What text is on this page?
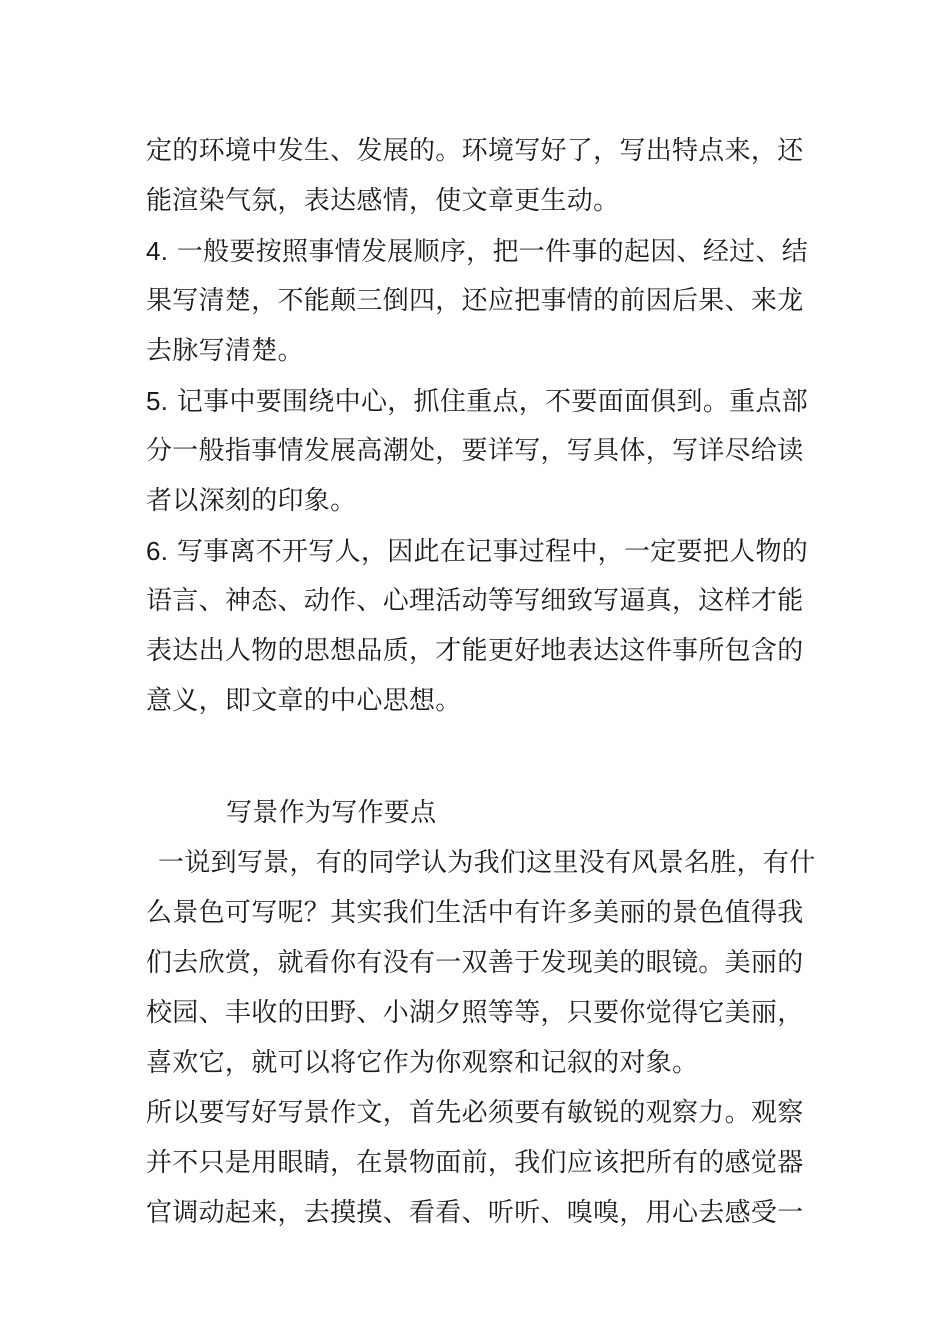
定的环境中发生、发展的。环境写好了，写出特点来，还
能渲染气氛，表达感情，使文章更生动。
4. 一般要按照事情发展顺序，把一件事的起因、经过、结
果写清楚，不能颠三倒四，还应把事情的前因后果、来龙
去脉写清楚。
5. 记事中要围绕中心，抓住重点，不要面面俱到。重点部
分一般指事情发展高潮处，要详写，写具体，写详尽给读
者以深刻的印象。
6. 写事离不开写人，因此在记事过程中，一定要把人物的
语言、神态、动作、心理活动等写细致写逼真，这样才能
表达出人物的思想品质，才能更好地表达这件事所包含的
意义，即文章的中心思想。
写景作为写作要点
一说到写景，有的同学认为我们这里没有风景名胜，有什
么景色可写呢？其实我们生活中有许多美丽的景色值得我
们去欣赏，就看你有没有一双善于发现美的眼镜。美丽的
校园、丰收的田野、小湖夕照等等，只要你觉得它美丽，
喜欢它，就可以将它作为你观察和记叙的对象。
所以要写好写景作文，首先必须要有敏锐的观察力。观察
并不只是用眼睛，在景物面前，我们应该把所有的感觉器
官调动起来，去摸摸、看看、听听、嗅嗅，用心去感受一
